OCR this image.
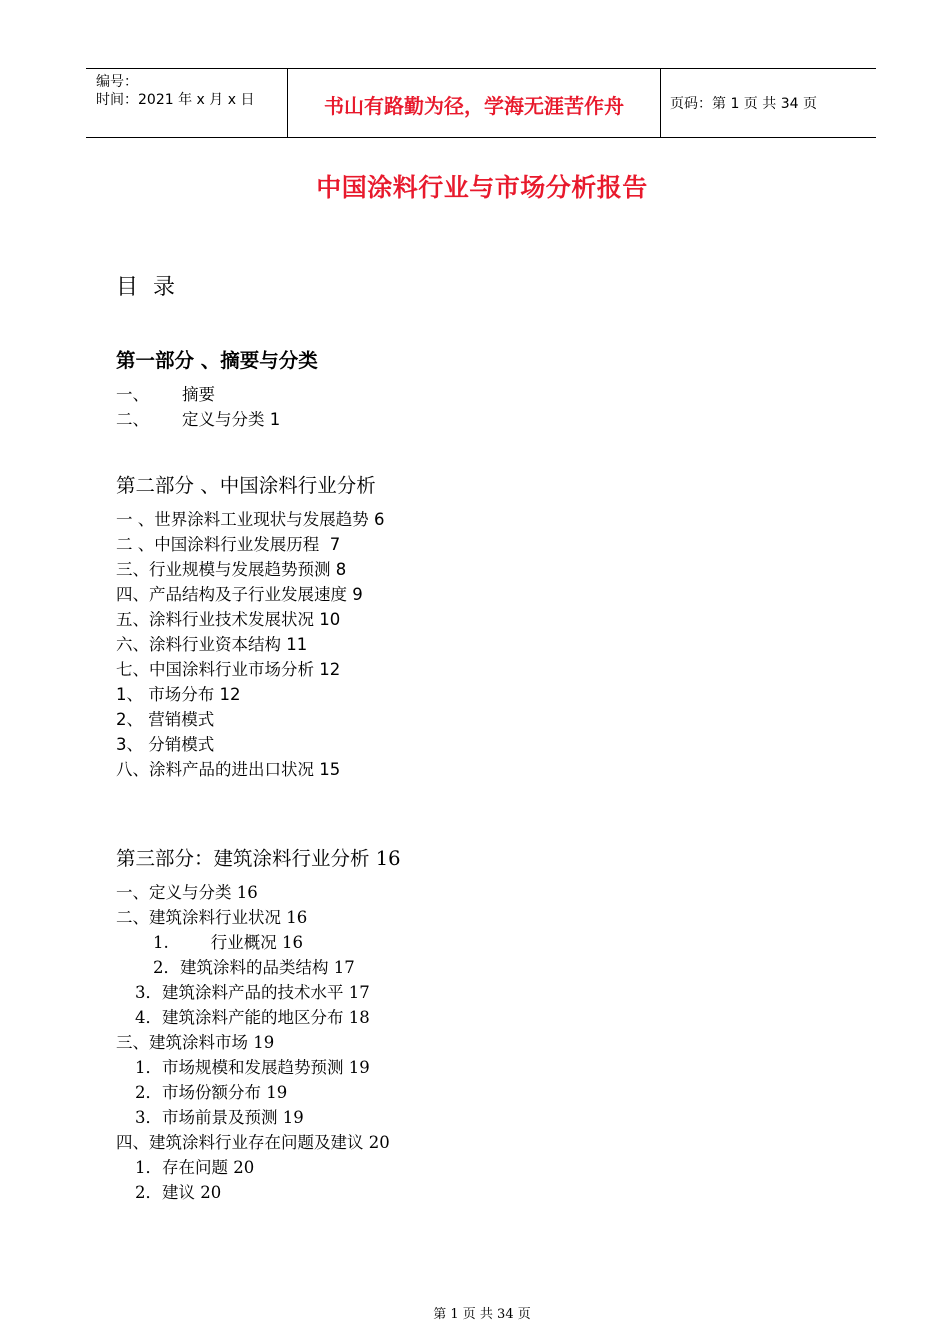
编号：
时间：2021 年 x 月 x 日	书山有路勤为径，学海无涯苦作舟	页码：第 1 页 共 34 页
中国涂料行业与市场分析报告
目 录
第一部分 、摘要与分类
一、 摘要
二、 定义与分类 1
第二部分 、中国涂料行业分析
一 、世界涂料工业现状与发展趋势 6
二 、中国涂料行业发展历程  7
三、行业规模与发展趋势预测 8
四、产品结构及子行业发展速度 9
五、涂料行业技术发展状况 10
六、涂料行业资本结构 11
七、中国涂料行业市场分析 12
1、 市场分布 12
2、 营销模式
3、 分销模式
八、涂料产品的进出口状况 15
第三部分：建筑涂料行业分析 16
一、定义与分类 16
二、建筑涂料行业状况 16
1.        行业概况 16
2．建筑涂料的品类结构 17
3．建筑涂料产品的技术水平 17
4．建筑涂料产能的地区分布 18
三、建筑涂料市场 19
1．市场规模和发展趋势预测 19
2．市场份额分布 19
3．市场前景及预测 19
四、建筑涂料行业存在问题及建议 20
1．存在问题 20
2．建议 20
第 1 页 共 34 页
